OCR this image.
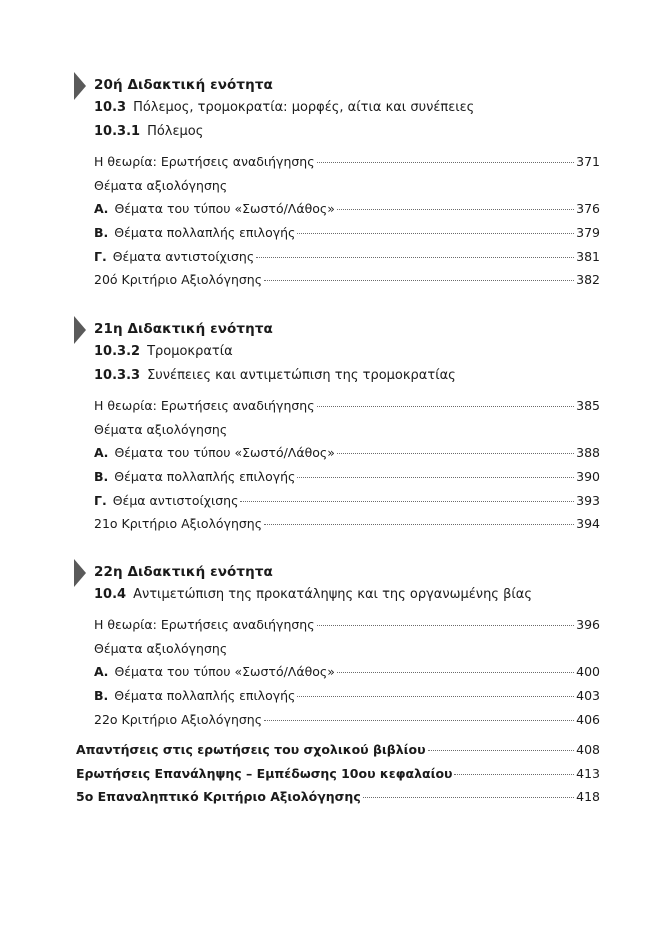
20ή Διδακτική ενότητα
10.3 Πόλεμος, τρομοκρατία: μορφές, αίτια και συνέπειες
10.3.1 Πόλεμος
Η θεωρία: Ερωτήσεις αναδιήγησης	371
Θέματα αξιολόγησης
Α. Θέματα του τύπου «Σωστό/Λάθος»	376
Β. Θέματα πολλαπλής επιλογής	379
Γ. Θέματα αντιστοίχισης	381
20ό Κριτήριο Αξιολόγησης	382
21η Διδακτική ενότητα
10.3.2 Τρομοκρατία
10.3.3 Συνέπειες και αντιμετώπιση της τρομοκρατίας
Η θεωρία: Ερωτήσεις αναδιήγησης	385
Θέματα αξιολόγησης
Α. Θέματα του τύπου «Σωστό/Λάθος»	388
Β. Θέματα πολλαπλής επιλογής	390
Γ. Θέμα αντιστοίχισης	393
21ο Κριτήριο Αξιολόγησης	394
22η Διδακτική ενότητα
10.4 Αντιμετώπιση της προκατάληψης και της οργανωμένης βίας
Η θεωρία: Ερωτήσεις αναδιήγησης	396
Θέματα αξιολόγησης
Α. Θέματα του τύπου «Σωστό/Λάθος»	400
Β. Θέματα πολλαπλής επιλογής	403
22ο Κριτήριο Αξιολόγησης	406
Απαντήσεις στις ερωτήσεις του σχολικού βιβλίου	408
Ερωτήσεις Επανάληψης – Εμπέδωσης 10ου κεφαλαίου	413
5ο Επαναληπτικό Κριτήριο Αξιολόγησης	418
